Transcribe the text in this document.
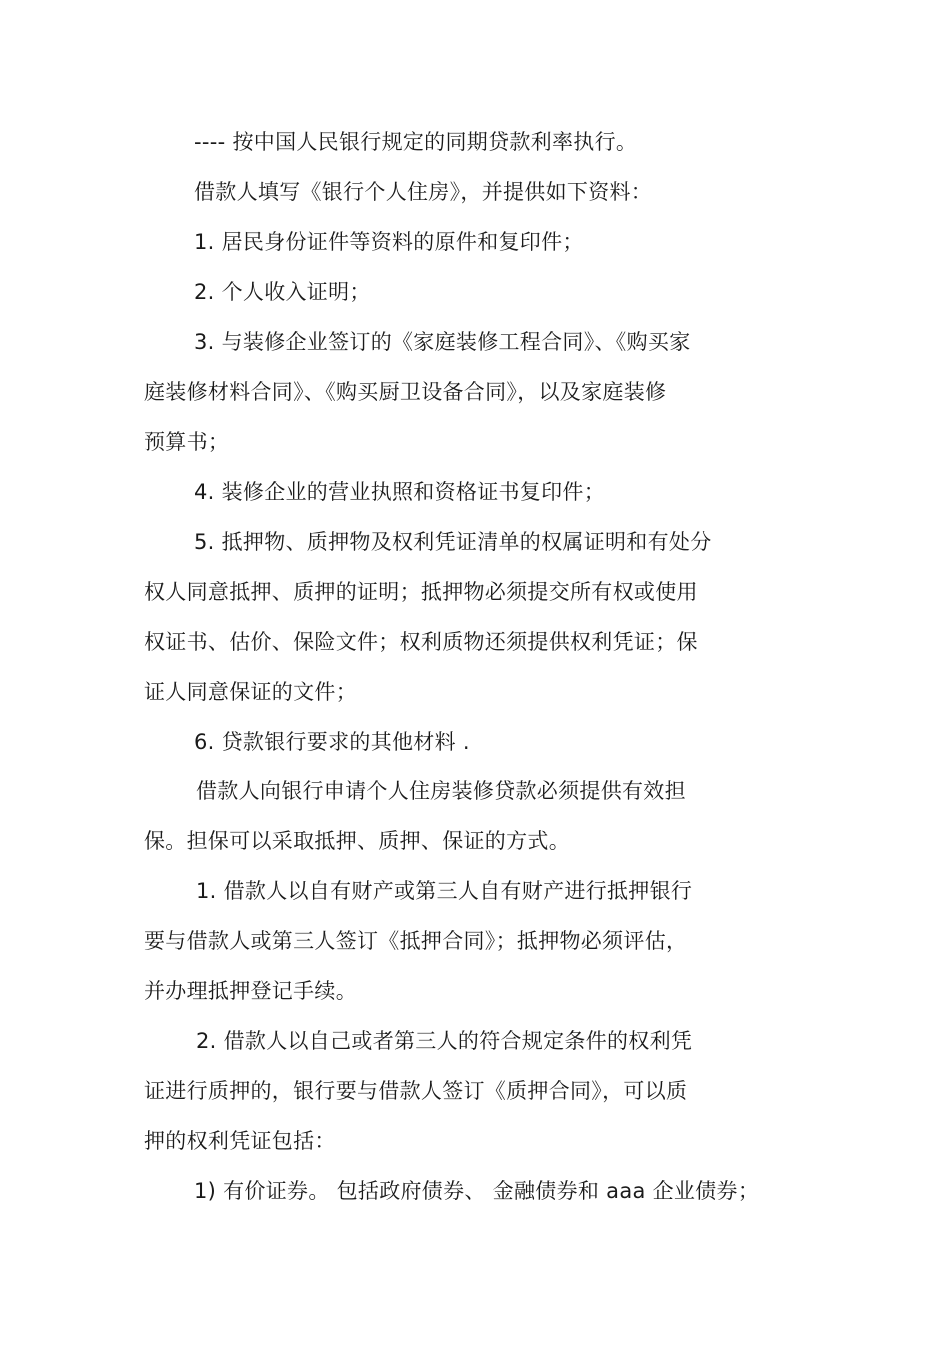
---- 按中国人民银行规定的同期贷款利率执行。
借款人填写《银行个人住房》，并提供如下资料：
1. 居民身份证件等资料的原件和复印件；
2. 个人收入证明；
3. 与装修企业签订的《家庭装修工程合同》、《购买家
庭装修材料合同》、《购买厨卫设备合同》，以及家庭装修
预算书；
4. 装修企业的营业执照和资格证书复印件；
5. 抵押物、质押物及权利凭证清单的权属证明和有处分
权人同意抵押、质押的证明；抵押物必须提交所有权或使用
权证书、估价、保险文件；权利质物还须提供权利凭证；保
证人同意保证的文件；
6. 贷款银行要求的其他材料 .
借款人向银行申请个人住房装修贷款必须提供有效担
保。担保可以采取抵押、质押、保证的方式。
1. 借款人以自有财产或第三人自有财产进行抵押银行
要与借款人或第三人签订《抵押合同》；抵押物必须评估，
并办理抵押登记手续。
2. 借款人以自己或者第三人的符合规定条件的权利凭
证进行质押的，银行要与借款人签订《质押合同》，可以质
押的权利凭证包括：
1) 有价证券。 包括政府债券、 金融债券和 aaa 企业债券；
